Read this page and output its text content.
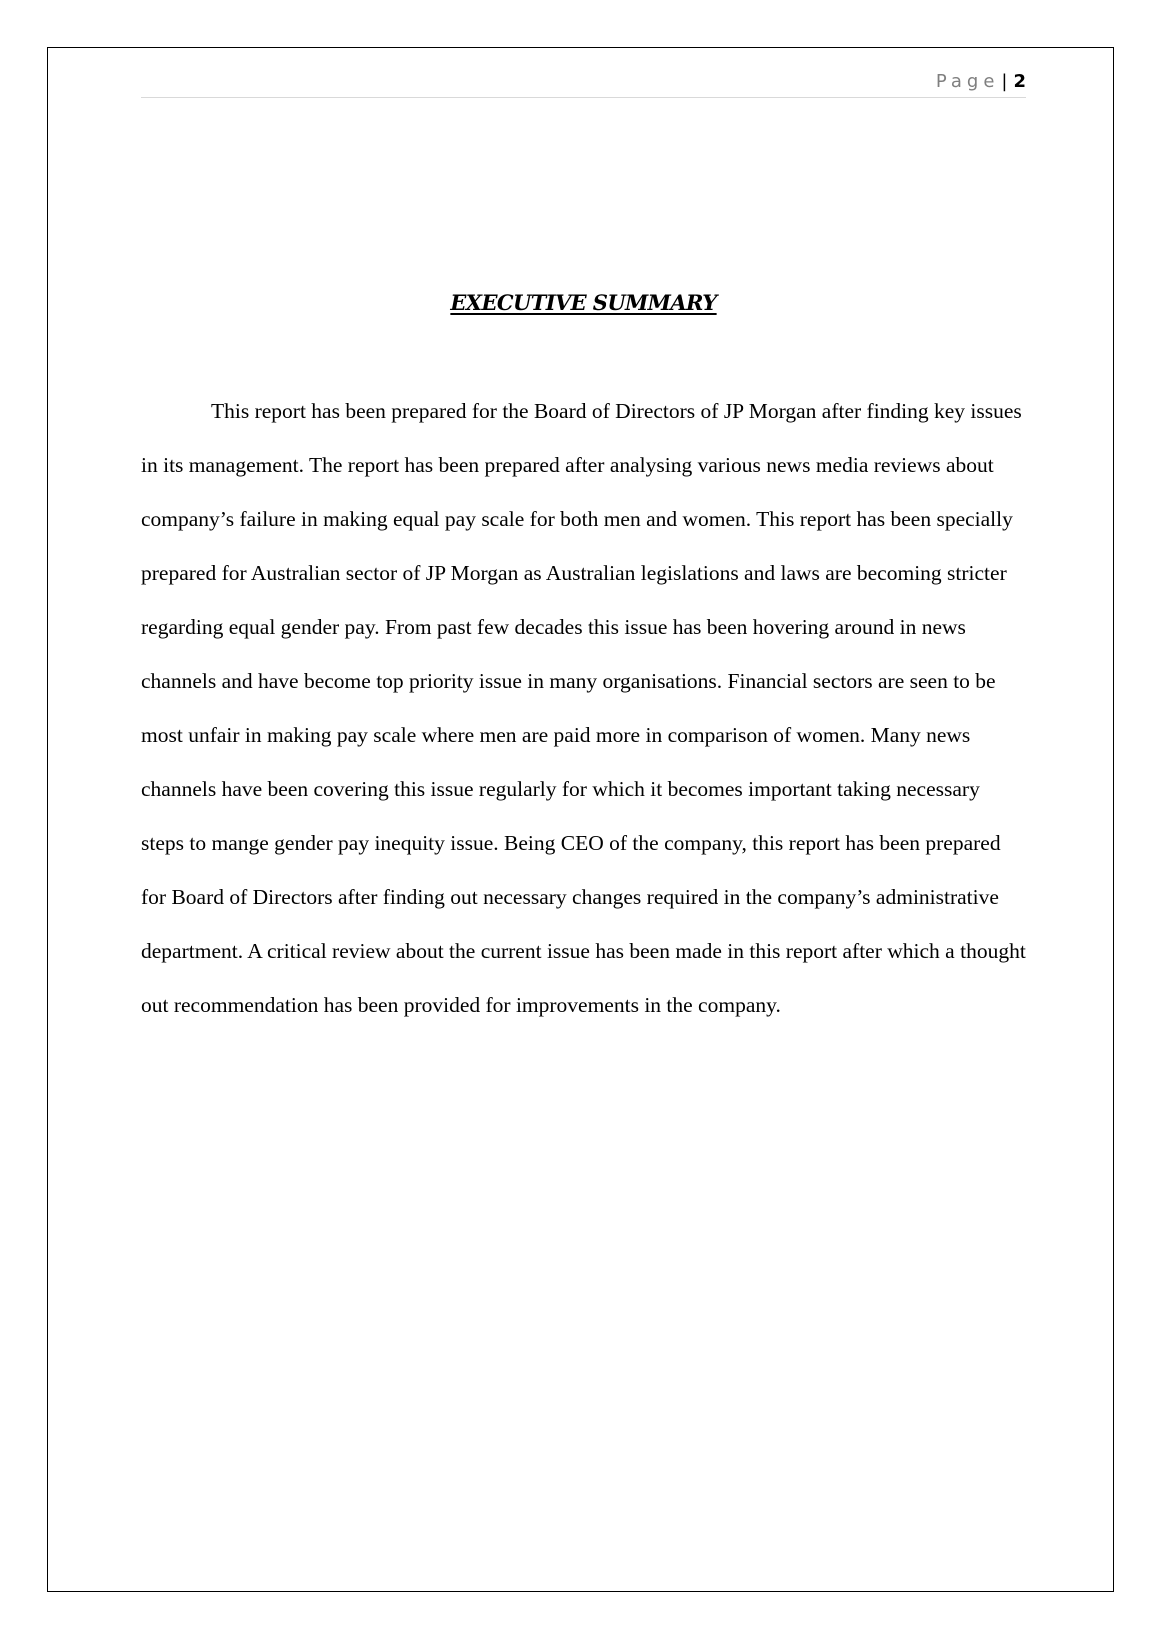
Page | 2
EXECUTIVE SUMMARY

This report has been prepared for the Board of Directors of JP Morgan after finding key issues in its management. The report has been prepared after analysing various news media reviews about company’s failure in making equal pay scale for both men and women. This report has been specially prepared for Australian sector of JP Morgan as Australian legislations and laws are becoming stricter regarding equal gender pay. From past few decades this issue has been hovering around in news channels and have become top priority issue in many organisations. Financial sectors are seen to be most unfair in making pay scale where men are paid more in comparison of women. Many news channels have been covering this issue regularly for which it becomes important taking necessary steps to mange gender pay inequity issue. Being CEO of the company, this report has been prepared for Board of Directors after finding out necessary changes required in the company’s administrative department. A critical review about the current issue has been made in this report after which a thought out recommendation has been provided for improvements in the company.
